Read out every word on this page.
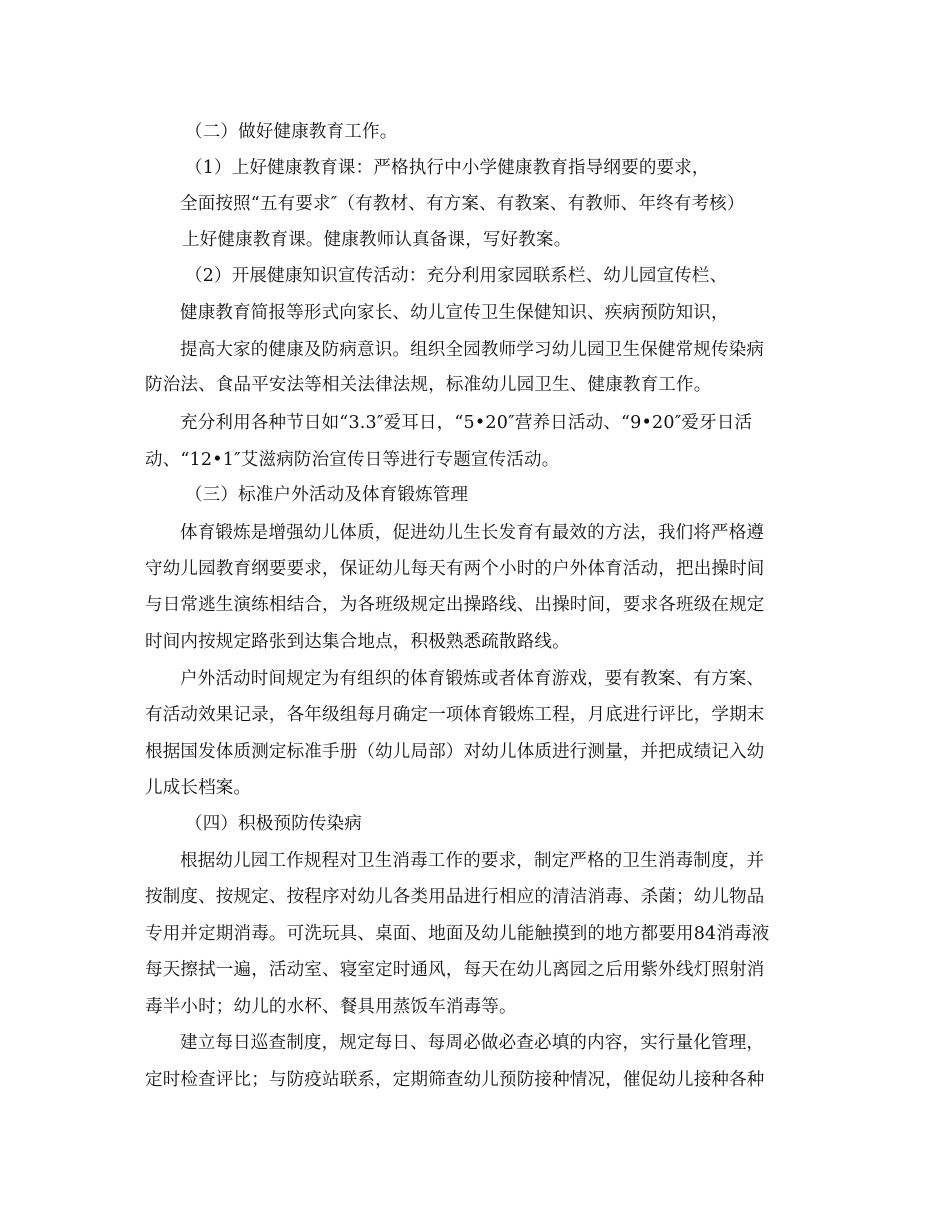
（二）做好健康教育工作。
（1）上好健康教育课：严格执行中小学健康教育指导纲要的要求，
全面按照“五有要求″（有教材、有方案、有教案、有教师、年终有考核）
上好健康教育课。健康教师认真备课，写好教案。
（2）开展健康知识宣传活动：充分利用家园联系栏、幼儿园宣传栏、
健康教育简报等形式向家长、幼儿宣传卫生保健知识、疾病预防知识，
提高大家的健康及防病意识。组织全园教师学习幼儿园卫生保健常规传染病
防治法、食品平安法等相关法律法规，标准幼儿园卫生、健康教育工作。
充分利用各种节日如“3.3″爱耳日，“5•20″营养日活动、“9•20″爱牙日活
动、“12•1″艾滋病防治宣传日等进行专题宣传活动。
（三）标准户外活动及体育锻炼管理
体育锻炼是增强幼儿体质，促进幼儿生长发育有最效的方法，我们将严格遵
守幼儿园教育纲要要求，保证幼儿每天有两个小时的户外体育活动，把出操时间
与日常逃生演练相结合，为各班级规定出操路线、出操时间，要求各班级在规定
时间内按规定路张到达集合地点，积极熟悉疏散路线。
户外活动时间规定为有组织的体育锻炼或者体育游戏，要有教案、有方案、
有活动效果记录，各年级组每月确定一项体育锻炼工程，月底进行评比，学期末
根据国发体质测定标准手册（幼儿局部）对幼儿体质进行测量，并把成绩记入幼
儿成长档案。
（四）积极预防传染病
根据幼儿园工作规程对卫生消毒工作的要求，制定严格的卫生消毒制度，并
按制度、按规定、按程序对幼儿各类用品进行相应的清洁消毒、杀菌；幼儿物品
专用并定期消毒。可洗玩具、桌面、地面及幼儿能触摸到的地方都要用84消毒液
每天擦拭一遍，活动室、寝室定时通风，每天在幼儿离园之后用紫外线灯照射消
毒半小时；幼儿的水杯、餐具用蒸饭车消毒等。
建立每日巡查制度，规定每日、每周必做必查必填的内容，实行量化管理，
定时检查评比；与防疫站联系，定期筛查幼儿预防接种情况，催促幼儿接种各种
